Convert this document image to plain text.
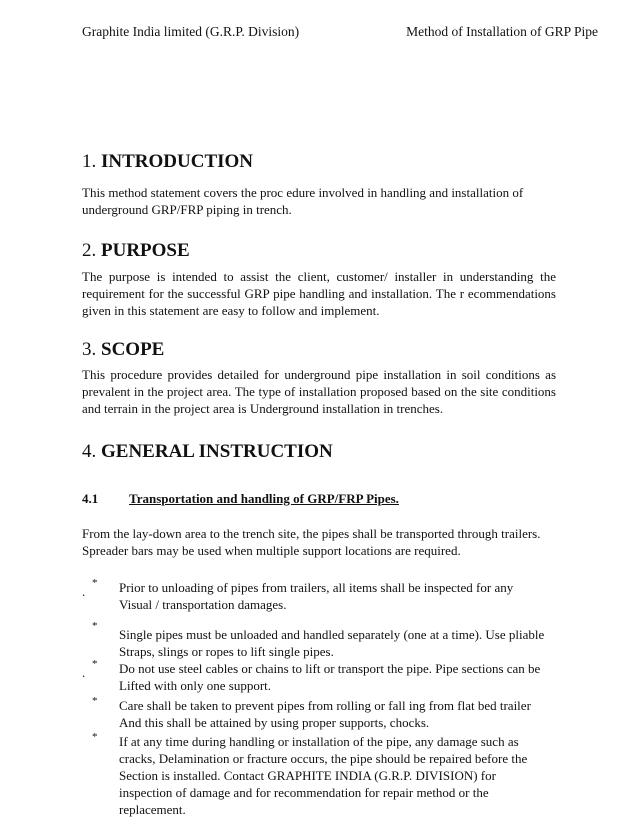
Graphite India limited (G.R.P. Division)	Method of Installation of GRP Pipe
1. INTRODUCTION
This method statement covers the proc edure involved in handling and installation of
underground GRP/FRP piping in trench.
2. PURPOSE
The purpose is intended to assist the client, customer/ installer in understanding the
requirement for the successful GRP pipe handling and installation. The r ecommendations
given in this statement are easy to follow and implement.
3. SCOPE
This procedure provides detailed for underground pipe installation in soil conditions as
prevalent in the project area. The type of installation proposed based on the site conditions
and terrain in the project area is Underground installation in trenches.
4. GENERAL INSTRUCTION
4.1 Transportation and handling of GRP/FRP Pipes.
From the lay-down area to the trench site, the pipes shall be transported through trailers.
Spreader bars may be used when multiple support locations are required.
.
* Prior to unloading of pipes from trailers, all items shall be inspected for any
Visual / transportation damages.
*
Single pipes must be unloaded and handled separately (one at a time). Use pliable
Straps, slings or ropes to lift single pipes.
.
* Do not use steel cables or chains to lift or transport the pipe. Pipe sections can be
Lifted with only one support.
* Care shall be taken to prevent pipes from rolling or fall ing from flat bed trailer
And this shall be attained by using proper supports, chocks.
* If at any time during handling or installation of the pipe, any damage such as
cracks, Delamination or fracture occurs, the pipe should be repaired before the
Section is installed. Contact GRAPHITE INDIA (G.R.P. DIVISION) for
inspection of damage and for recommendation for repair method or the
replacement.
